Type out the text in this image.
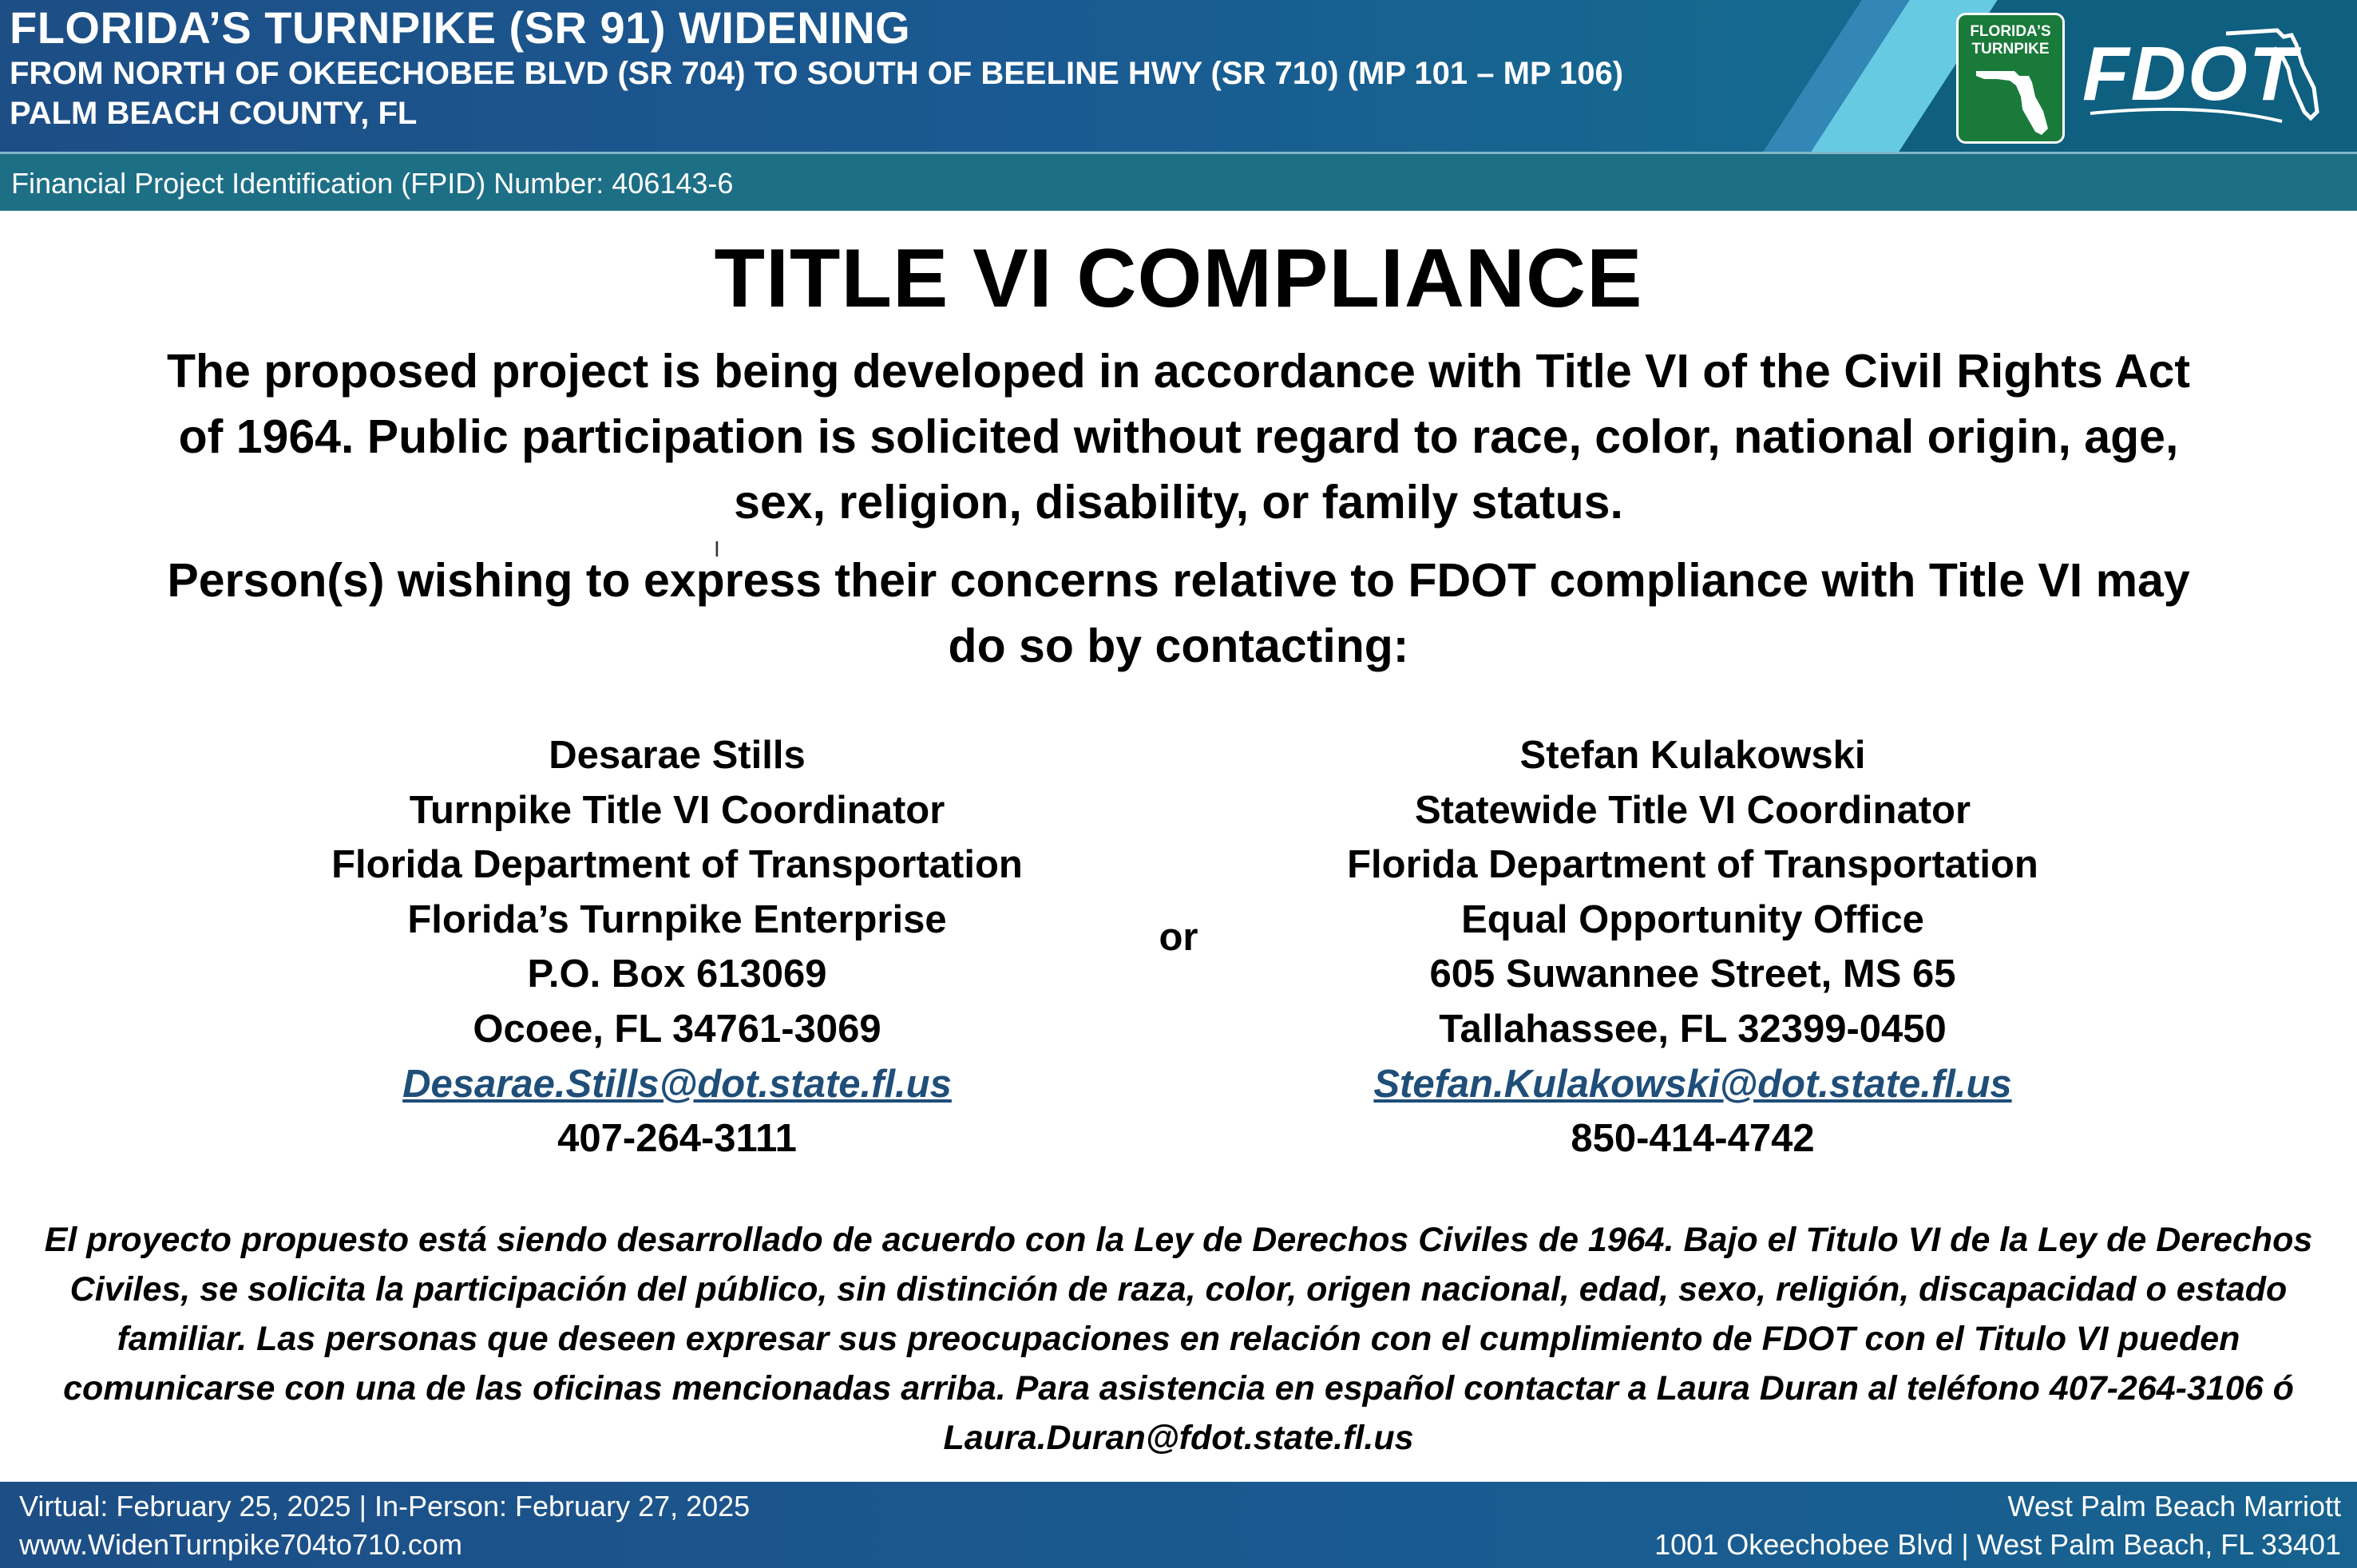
FLORIDA’S TURNPIKE (SR 91) WIDENING
FROM NORTH OF OKEECHOBEE BLVD (SR 704) TO SOUTH OF BEELINE HWY (SR 710) (MP 101 – MP 106)
PALM BEACH COUNTY, FL
FLORIDA’S TURNPIKE FDOT
Financial Project Identification (FPID) Number: 406143-6
TITLE VI COMPLIANCE
The proposed project is being developed in accordance with Title VI of the Civil Rights Act of 1964. Public participation is solicited without regard to race, color, national origin, age, sex, religion, disability, or family status.
I
Person(s) wishing to express their concerns relative to FDOT compliance with Title VI may do so by contacting:
Desarae Stills
Turnpike Title VI Coordinator
Florida Department of Transportation
Florida’s Turnpike Enterprise
P.O. Box 613069
Ocoee, FL 34761-3069
Desarae.Stills@dot.state.fl.us
407-264-3111
or
Stefan Kulakowski
Statewide Title VI Coordinator
Florida Department of Transportation
Equal Opportunity Office
605 Suwannee Street, MS 65
Tallahassee, FL 32399-0450
Stefan.Kulakowski@dot.state.fl.us
850-414-4742
El proyecto propuesto está siendo desarrollado de acuerdo con la Ley de Derechos Civiles de 1964. Bajo el Titulo VI de la Ley de Derechos Civiles, se solicita la participación del público, sin distinción de raza, color, origen nacional, edad, sexo, religión, discapacidad o estado familiar. Las personas que deseen expresar sus preocupaciones en relación con el cumplimiento de FDOT con el Titulo VI pueden comunicarse con una de las oficinas mencionadas arriba. Para asistencia en español contactar a Laura Duran al teléfono 407-264-3106 ó Laura.Duran@fdot.state.fl.us
Virtual: February 25, 2025 | In-Person: February 27, 2025
www.WidenTurnpike704to710.com
West Palm Beach Marriott
1001 Okeechobee Blvd | West Palm Beach, FL 33401
